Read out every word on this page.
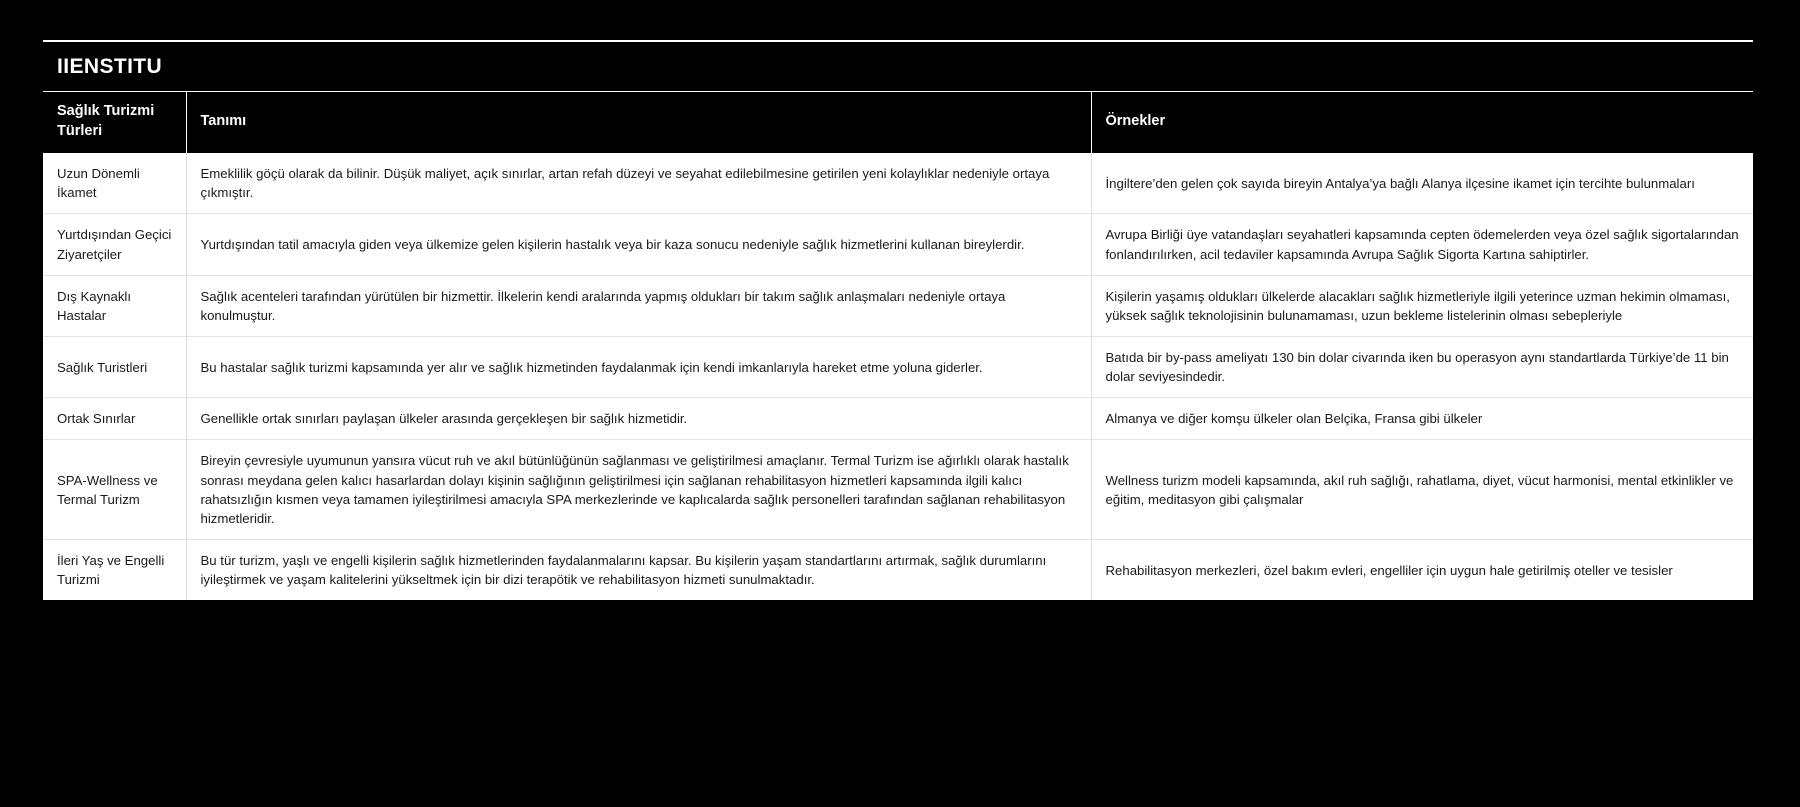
IIENSTITU
Sağlık Turizmi Türleri	Tanımı	Örnekler
Uzun Dönemli İkamet	Emeklilik göçü olarak da bilinir. Düşük maliyet, açık sınırlar, artan refah düzeyi ve seyahat edilebilmesine getirilen yeni kolaylıklar nedeniyle ortaya çıkmıştır.	İngiltere’den gelen çok sayıda bireyin Antalya’ya bağlı Alanya ilçesine ikamet için tercihte bulunmaları
Yurtdışından Geçici Ziyaretçiler	Yurtdışından tatil amacıyla giden veya ülkemize gelen kişilerin hastalık veya bir kaza sonucu nedeniyle sağlık hizmetlerini kullanan bireylerdir.	Avrupa Birliği üye vatandaşları seyahatleri kapsamında cepten ödemelerden veya özel sağlık sigortalarından fonlandırılırken, acil tedaviler kapsamında Avrupa Sağlık Sigorta Kartına sahiptirler.
Dış Kaynaklı Hastalar	Sağlık acenteleri tarafından yürütülen bir hizmettir. İlkelerin kendi aralarında yapmış oldukları bir takım sağlık anlaşmaları nedeniyle ortaya konulmuştur.	Kişilerin yaşamış oldukları ülkelerde alacakları sağlık hizmetleriyle ilgili yeterince uzman hekimin olmaması, yüksek sağlık teknolojisinin bulunamaması, uzun bekleme listelerinin olması sebepleriyle
Sağlık Turistleri	Bu hastalar sağlık turizmi kapsamında yer alır ve sağlık hizmetinden faydalanmak için kendi imkanlarıyla hareket etme yoluna giderler.	Batıda bir by-pass ameliyatı 130 bin dolar civarında iken bu operasyon aynı standartlarda Türkiye’de 11 bin dolar seviyesindedir.
Ortak Sınırlar	Genellikle ortak sınırları paylaşan ülkeler arasında gerçekleşen bir sağlık hizmetidir.	Almanya ve diğer komşu ülkeler olan Belçika, Fransa gibi ülkeler
SPA-Wellness ve Termal Turizm	Bireyin çevresiyle uyumunun yansıra vücut ruh ve akıl bütünlüğünün sağlanması ve geliştirilmesi amaçlanır. Termal Turizm ise ağırlıklı olarak hastalık sonrası meydana gelen kalıcı hasarlardan dolayı kişinin sağlığının geliştirilmesi için sağlanan rehabilitasyon hizmetleri kapsamında ilgili kalıcı rahatsızlığın kısmen veya tamamen iyileştirilmesi amacıyla SPA merkezlerinde ve kaplıcalarda sağlık personelleri tarafından sağlanan rehabilitasyon hizmetleridir.	Wellness turizm modeli kapsamında, akıl ruh sağlığı, rahatlama, diyet, vücut harmonisi, mental etkinlikler ve eğitim, meditasyon gibi çalışmalar
İleri Yaş ve Engelli Turizmi	Bu tür turizm, yaşlı ve engelli kişilerin sağlık hizmetlerinden faydalanmalarını kapsar. Bu kişilerin yaşam standartlarını artırmak, sağlık durumlarını iyileştirmek ve yaşam kalitelerini yükseltmek için bir dizi terapötik ve rehabilitasyon hizmeti sunulmaktadır.	Rehabilitasyon merkezleri, özel bakım evleri, engelliler için uygun hale getirilmiş oteller ve tesisler
